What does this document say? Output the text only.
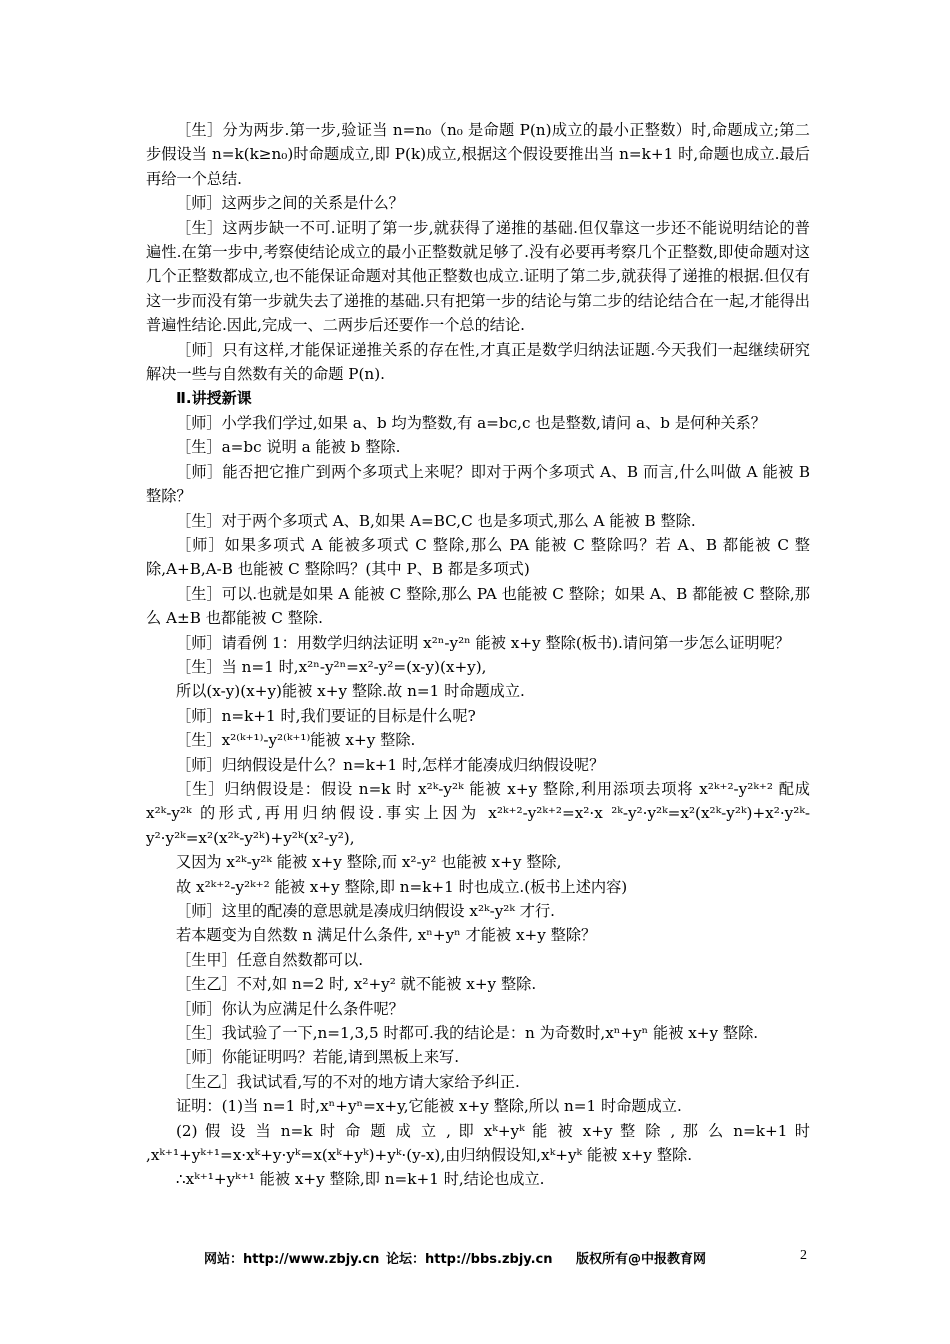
［生］分为两步.第一步,验证当 n=n₀（n₀ 是命题 P(n)成立的最小正整数）时,命题成立;第二步假设当 n=k(k≥n₀)时命题成立,即 P(k)成立,根据这个假设要推出当 n=k+1 时,命题也成立.最后再给一个总结.

［师］这两步之间的关系是什么？

［生］这两步缺一不可.证明了第一步,就获得了递推的基础.但仅靠这一步还不能说明结论的普遍性.在第一步中,考察使结论成立的最小正整数就足够了.没有必要再考察几个正整数,即使命题对这几个正整数都成立,也不能保证命题对其他正整数也成立.证明了第二步,就获得了递推的根据.但仅有这一步而没有第一步就失去了递推的基础.只有把第一步的结论与第二步的结论结合在一起,才能得出普遍性结论.因此,完成一、二两步后还要作一个总的结论.

［师］只有这样,才能保证递推关系的存在性,才真正是数学归纳法证题.今天我们一起继续研究解决一些与自然数有关的命题 P(n).

Ⅱ.讲授新课

［师］小学我们学过,如果 a、b 均为整数,有 a=bc,c 也是整数,请问 a、b 是何种关系？

［生］a=bc 说明 a 能被 b 整除.

［师］能否把它推广到两个多项式上来呢？即对于两个多项式 A、B 而言,什么叫做 A 能被 B 整除？

［生］对于两个多项式 A、B,如果 A=BC,C 也是多项式,那么 A 能被 B 整除.

［师］如果多项式 A 能被多项式 C 整除,那么 PA 能被 C 整除吗？若 A、B 都能被 C 整除,A+B,A-B 也能被 C 整除吗？(其中 P、B 都是多项式)

［生］可以.也就是如果 A 能被 C 整除,那么 PA 也能被 C 整除；如果 A、B 都能被 C 整除,那么 A±B 也都能被 C 整除.

［师］请看例 1：用数学归纳法证明 x²ⁿ-y²ⁿ 能被 x+y 整除(板书).请问第一步怎么证明呢？

［生］当 n=1 时,x²ⁿ-y²ⁿ=x²-y²=(x-y)(x+y),

所以(x-y)(x+y)能被 x+y 整除.故 n=1 时命题成立.

［师］n=k+1 时,我们要证的目标是什么呢?

［生］x²⁽ᵏ⁺¹⁾-y²⁽ᵏ⁺¹⁾能被 x+y 整除.

［师］归纳假设是什么？n=k+1 时,怎样才能凑成归纳假设呢？

［生］归纳假设是：假设 n=k 时 x²ᵏ-y²ᵏ 能被 x+y 整除,利用添项去项将 x²ᵏ⁺²-y²ᵏ⁺² 配成 x²ᵏ-y²ᵏ 的形式,再用归纳假设.事实上因为 x²ᵏ⁺²-y²ᵏ⁺²=x²·x ²ᵏ-y²·y²ᵏ=x²(x²ᵏ-y²ᵏ)+x²·y²ᵏ-y²·y²ᵏ=x²(x²ᵏ-y²ᵏ)+y²ᵏ(x²-y²),

又因为 x²ᵏ-y²ᵏ 能被 x+y 整除,而 x²-y² 也能被 x+y 整除,

故 x²ᵏ⁺²-y²ᵏ⁺² 能被 x+y 整除,即 n=k+1 时也成立.(板书上述内容)

［师］这里的配凑的意思就是凑成归纳假设 x²ᵏ-y²ᵏ 才行.

若本题变为自然数 n 满足什么条件, xⁿ+yⁿ 才能被 x+y 整除？

［生甲］任意自然数都可以.

［生乙］不对,如 n=2 时, x²+y² 就不能被 x+y 整除.

［师］你认为应满足什么条件呢？

［生］我试验了一下,n=1,3,5 时都可.我的结论是：n 为奇数时,xⁿ+yⁿ 能被 x+y 整除.

［师］你能证明吗？若能,请到黑板上来写.

［生乙］我试试看,写的不对的地方请大家给予纠正.

证明：(1)当 n=1 时,xⁿ+yⁿ=x+y,它能被 x+y 整除,所以 n=1 时命题成立.

(2) 假 设 当 n=k 时 命 题 成 立 , 即 xᵏ+yᵏ 能 被 x+y 整 除 , 那 么 n=k+1 时 ,xᵏ⁺¹+yᵏ⁺¹=x·xᵏ+y·yᵏ=x(xᵏ+yᵏ)+yᵏ·(y-x),由归纳假设知,xᵏ+yᵏ 能被 x+y 整除.

∴xᵏ⁺¹+yᵏ⁺¹ 能被 x+y 整除,即 n=k+1 时,结论也成立.

网站：http://www.zbjy.cn 论坛：http://bbs.zbjy.cn 版权所有@中报教育网	2
